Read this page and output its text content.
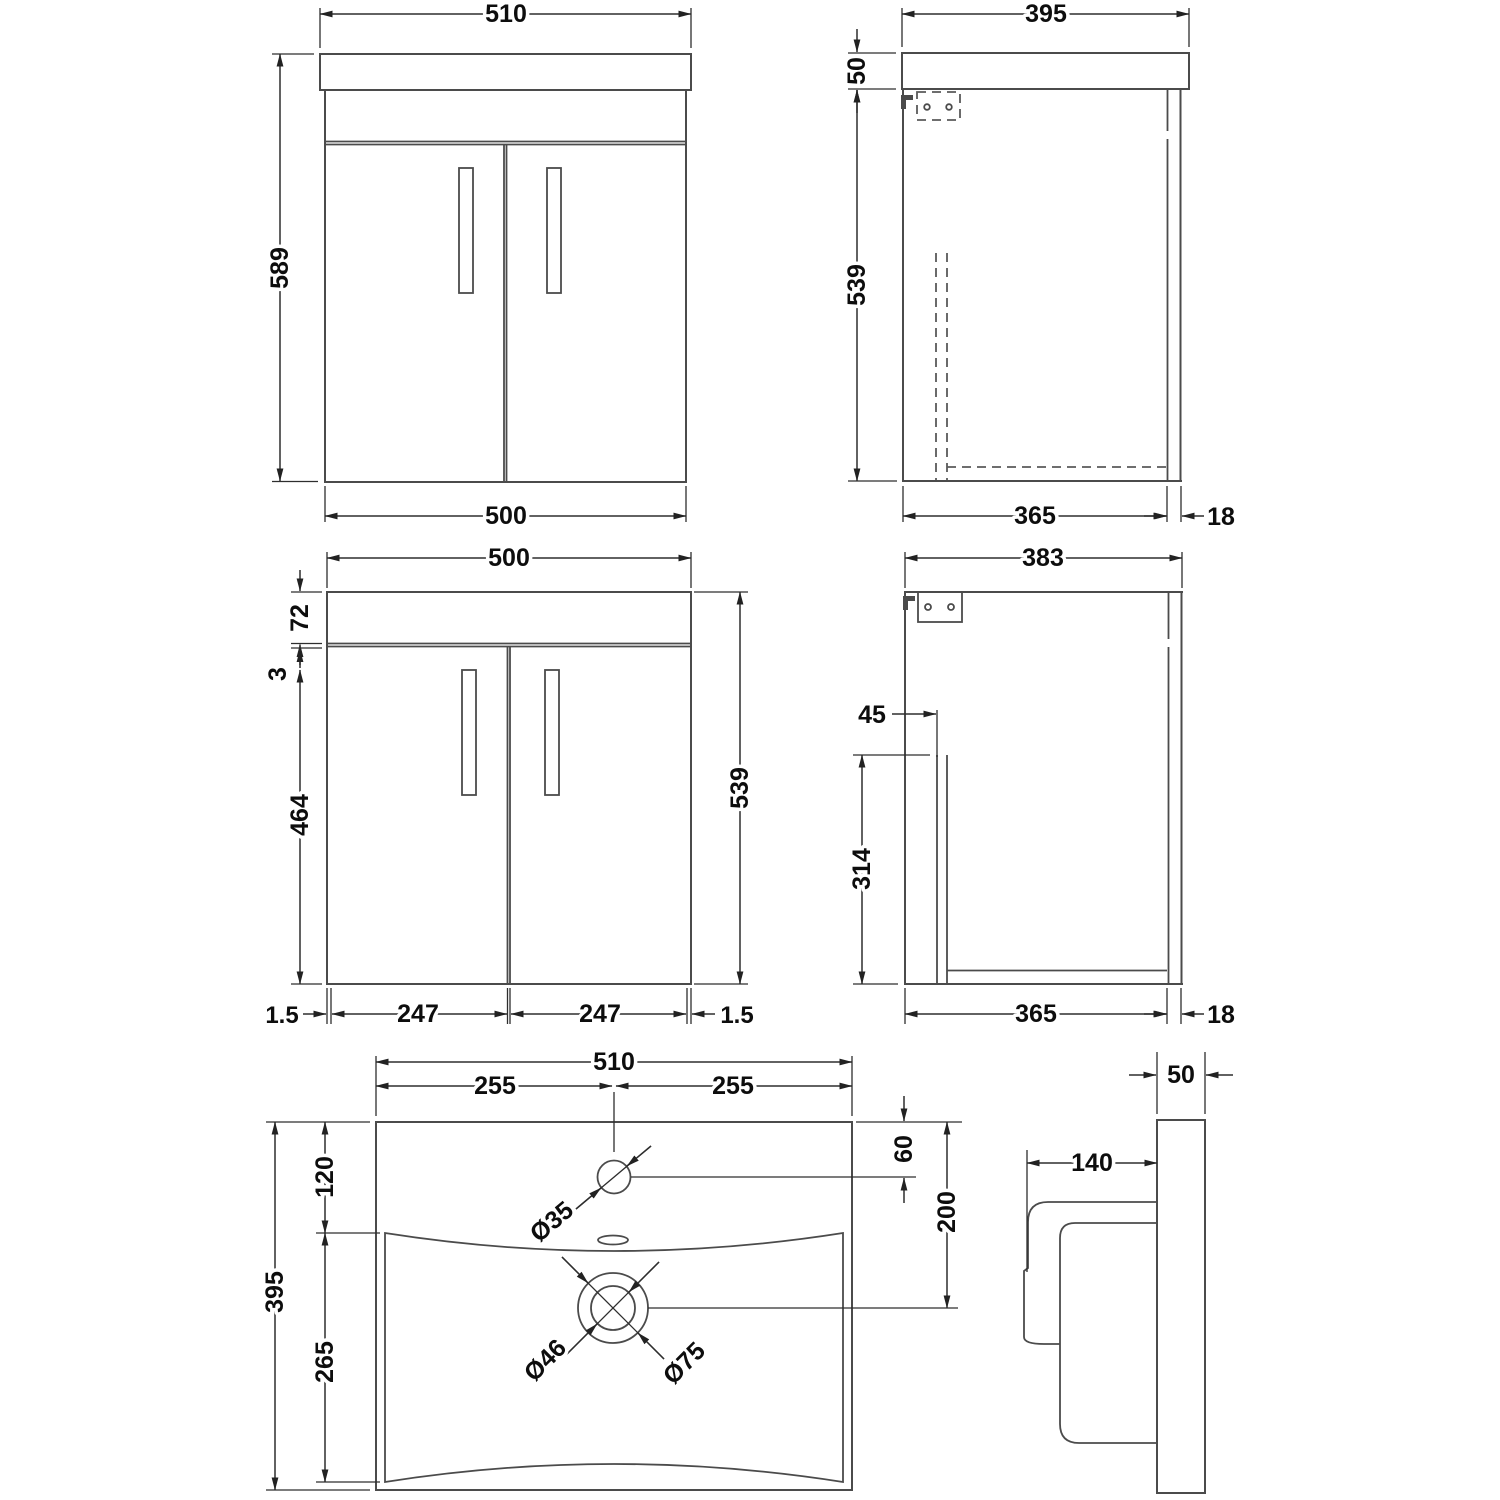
510
589
500
395
50
539
365	18
500
72
3
464
539
1.5	247	247	1.5
383
45
314
365	18
Ø35
Ø46	Ø75
510
255	255
395
120
265
60
200
50
140
